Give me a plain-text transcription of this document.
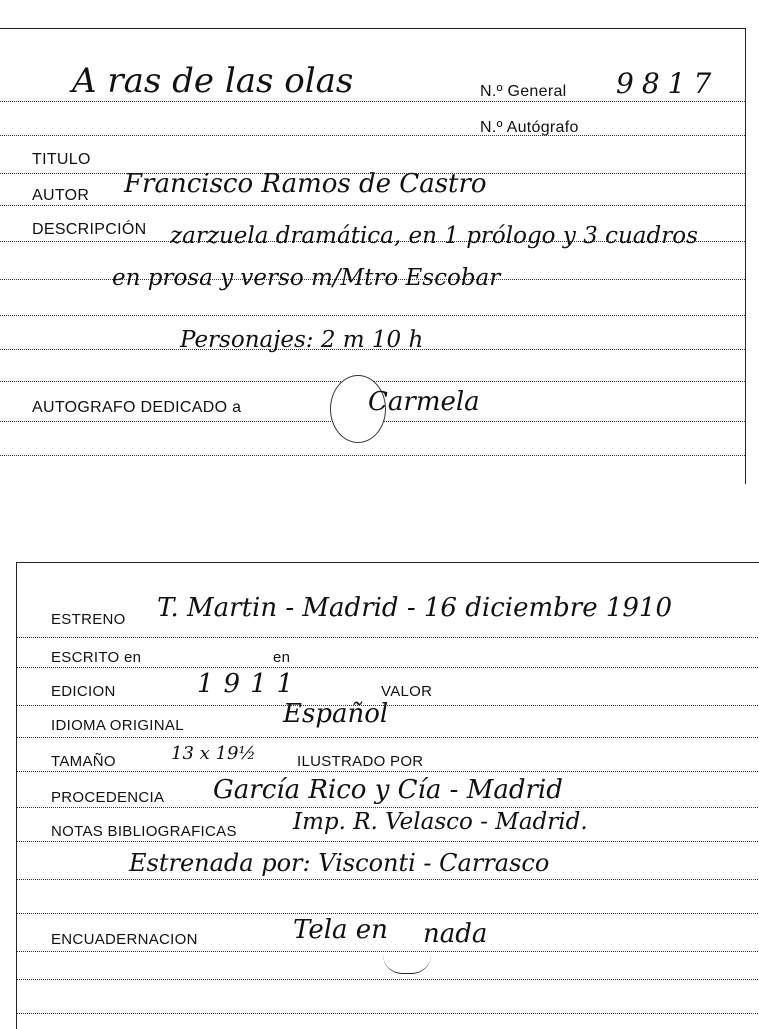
A ras de las olas	N.º General 9817
N.º Autógrafo
TITULO
AUTOR Francisco Ramos de Castro
DESCRIPCIÓN zarzuela dramática, en 1 prólogo y 3 cuadros
en prosa y verso m/Mtro Escobar
Personajes: 2 m 10 h
AUTOGRAFO DEDICADO a	Carmela
ESTRENO T. Martin - Madrid - 16 diciembre 1910
ESCRITO en	en
EDICION	1911	VALOR
IDIOMA ORIGINAL	Español
TAMAÑO	13 x 19½	ILUSTRADO POR
PROCEDENCIA García Rico y Cía - Madrid
NOTAS BIBLIOGRAFICAS Imp. R. Velasco - Madrid.
Estrenada por: Visconti - Carrasco
ENCUADERNACION	Tela en nada
